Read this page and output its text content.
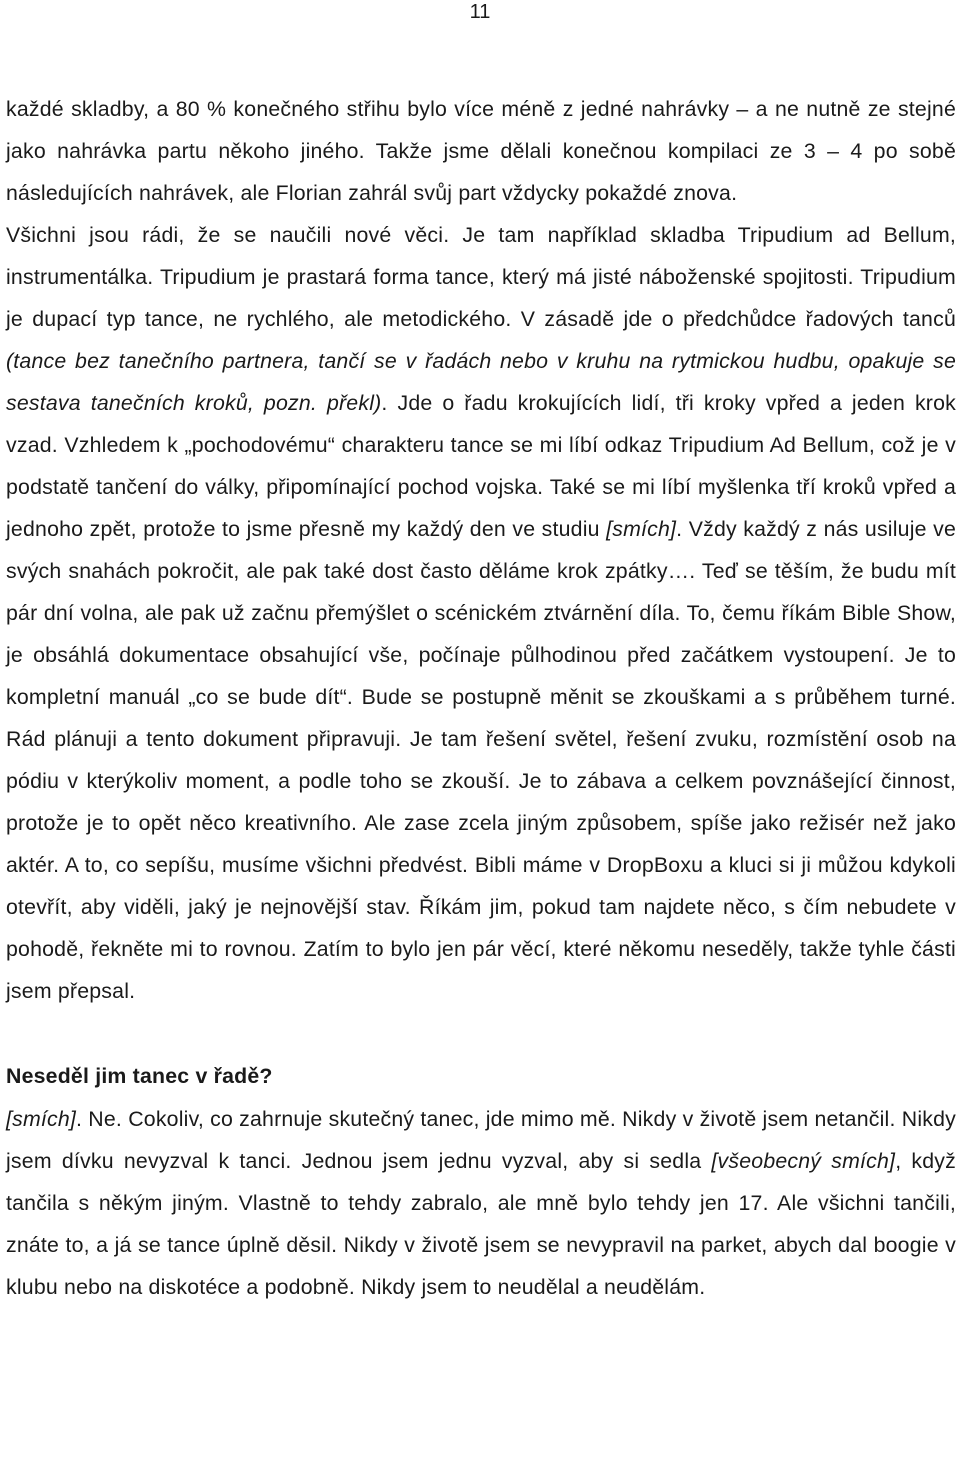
11

každé skladby, a 80 % konečného střihu bylo více méně z jedné nahrávky – a ne nutně ze stejné jako nahrávka partu někoho jiného. Takže jsme dělali konečnou kompilaci ze 3 – 4 po sobě následujících nahrávek, ale Florian zahrál svůj part vždycky pokaždé znova.

Všichni jsou rádi, že se naučili nové věci. Je tam například skladba Tripudium ad Bellum, instrumentálka. Tripudium je prastará forma tance, který má jisté náboženské spojitosti. Tripudium je dupací typ tance, ne rychlého, ale metodického. V zásadě jde o předchůdce řadových tanců (tance bez tanečního partnera, tančí se v řadách nebo v kruhu na rytmickou hudbu, opakuje se sestava tanečních kroků, pozn. překl). Jde o řadu krokujících lidí, tři kroky vpřed a jeden krok vzad. Vzhledem k „pochodovému“ charakteru tance se mi líbí odkaz Tripudium Ad Bellum, což je v podstatě tančení do války, připomínající pochod vojska. Také se mi líbí myšlenka tří kroků vpřed a jednoho zpět, protože to jsme přesně my každý den ve studiu [smích]. Vždy každý z nás usiluje ve svých snahách pokročit, ale pak také dost často děláme krok zpátky…. Teď se těším, že budu mít pár dní volna, ale pak už začnu přemýšlet o scénickém ztvárnění díla. To, čemu říkám Bible Show, je obsáhlá dokumentace obsahující vše, počínaje půlhodinou před začátkem vystoupení. Je to kompletní manuál „co se bude dít“. Bude se postupně měnit se zkouškami a s průběhem turné. Rád plánuji a tento dokument připravuji. Je tam řešení světel, řešení zvuku, rozmístění osob na pódiu v kterýkoliv moment, a podle toho se zkouší. Je to zábava a celkem povznášející činnost, protože je to opět něco kreativního. Ale zase zcela jiným způsobem, spíše jako režisér než jako aktér. A to, co sepíšu, musíme všichni předvést. Bibli máme v DropBoxu a kluci si ji můžou kdykoli otevřít, aby viděli, jaký je nejnovější stav. Říkám jim, pokud tam najdete něco, s čím nebudete v pohodě, řekněte mi to rovnou. Zatím to bylo jen pár věcí, které někomu neseděly, takže tyhle části jsem přepsal.

Neseděl jim tanec v řadě?

[smích]. Ne. Cokoliv, co zahrnuje skutečný tanec, jde mimo mě. Nikdy v životě jsem netančil. Nikdy jsem dívku nevyzval k tanci. Jednou jsem jednu vyzval, aby si sedla [všeobecný smích], když tančila s někým jiným. Vlastně to tehdy zabralo, ale mně bylo tehdy jen 17. Ale všichni tančili, znáte to, a já se tance úplně děsil. Nikdy v životě jsem se nevypravil na parket, abych dal boogie v klubu nebo na diskotéce a podobně. Nikdy jsem to neudělal a neudělám.
